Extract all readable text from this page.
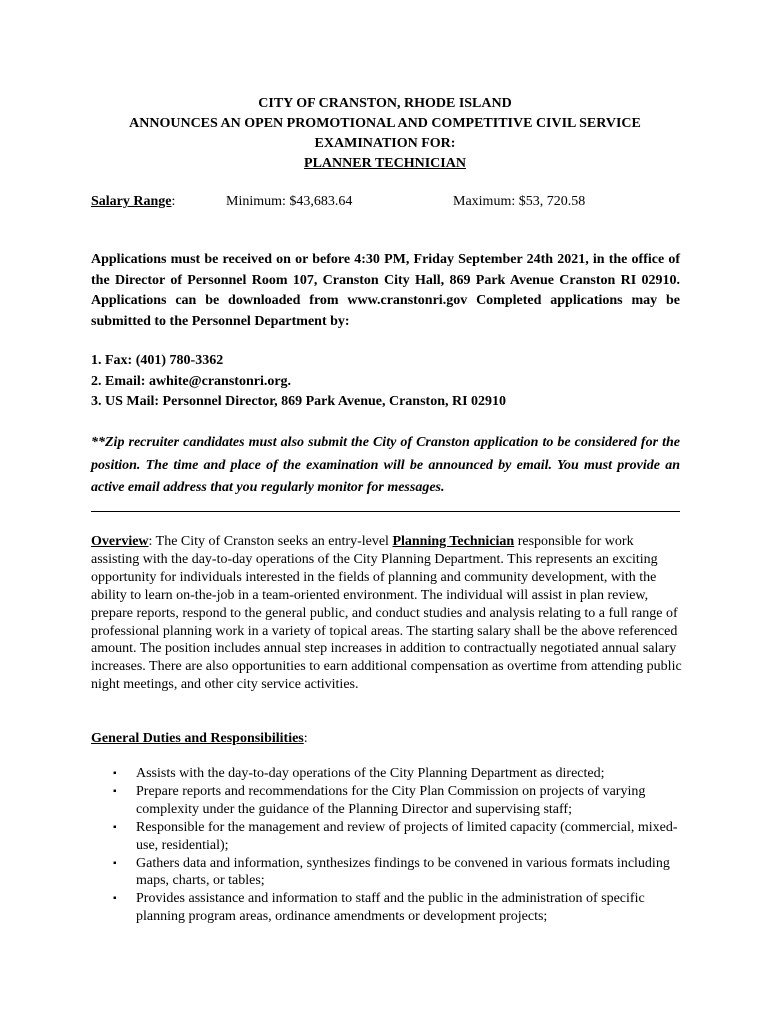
CITY OF CRANSTON, RHODE ISLAND
ANNOUNCES AN OPEN PROMOTIONAL AND COMPETITIVE CIVIL SERVICE
EXAMINATION FOR:
PLANNER TECHNICIAN
Salary Range:	Minimum: $43,683.64	Maximum: $53, 720.58

Applications must be received on or before 4:30 PM, Friday September 24th 2021, in the office of the Director of Personnel Room 107, Cranston City Hall, 869 Park Avenue Cranston RI 02910. Applications can be downloaded from www.cranstonri.gov Completed applications may be submitted to the Personnel Department by:

1. Fax: (401) 780-3362
2. Email: awhite@cranstonri.org.
3. US Mail: Personnel Director, 869 Park Avenue, Cranston, RI 02910
**Zip recruiter candidates must also submit the City of Cranston application to be considered for the position. The time and place of the examination will be announced by email. You must provide an active email address that you regularly monitor for messages.
Overview: The City of Cranston seeks an entry-level Planning Technician responsible for work assisting with the day-to-day operations of the City Planning Department. This represents an exciting opportunity for individuals interested in the fields of planning and community development, with the ability to learn on-the-job in a team-oriented environment. The individual will assist in plan review, prepare reports, respond to the general public, and conduct studies and analysis relating to a full range of professional planning work in a variety of topical areas. The starting salary shall be the above referenced amount. The position includes annual step increases in addition to contractually negotiated annual salary increases. There are also opportunities to earn additional compensation as overtime from attending public night meetings, and other city service activities.
General Duties and Responsibilities:
▪ Assists with the day-to-day operations of the City Planning Department as directed;
▪ Prepare reports and recommendations for the City Plan Commission on projects of varying complexity under the guidance of the Planning Director and supervising staff;
▪ Responsible for the management and review of projects of limited capacity (commercial, mixed-use, residential);
▪ Gathers data and information, synthesizes findings to be convened in various formats including maps, charts, or tables;
▪ Provides assistance and information to staff and the public in the administration of specific planning program areas, ordinance amendments or development projects;
